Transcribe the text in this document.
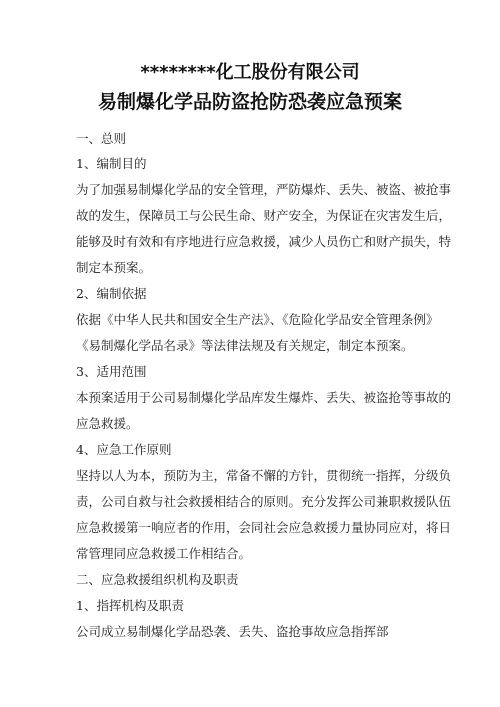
********化工股份有限公司
易制爆化学品防盗抢防恐袭应急预案
一、总则
1、编制目的
为了加强易制爆化学品的安全管理，严防爆炸、丢失、被盗、被抢事
故的发生，保障员工与公民生命、财产安全，为保证在灾害发生后，
能够及时有效和有序地进行应急救援，减少人员伤亡和财产损失，特
制定本预案。
2、编制依据
依据《中华人民共和国安全生产法》、《危险化学品安全管理条例》
《易制爆化学品名录》等法律法规及有关规定，制定本预案。
3、适用范围
本预案适用于公司易制爆化学品库发生爆炸、丢失、被盗抢等事故的
应急救援。
4、应急工作原则
坚持以人为本，预防为主，常备不懈的方针，贯彻统一指挥，分级负
责，公司自救与社会救援相结合的原则。充分发挥公司兼职救援队伍
应急救援第一响应者的作用，会同社会应急救援力量协同应对，将日
常管理同应急救援工作相结合。
二、应急救援组织机构及职责
1、指挥机构及职责
公司成立易制爆化学品恐袭、丢失、盗抢事故应急指挥部
